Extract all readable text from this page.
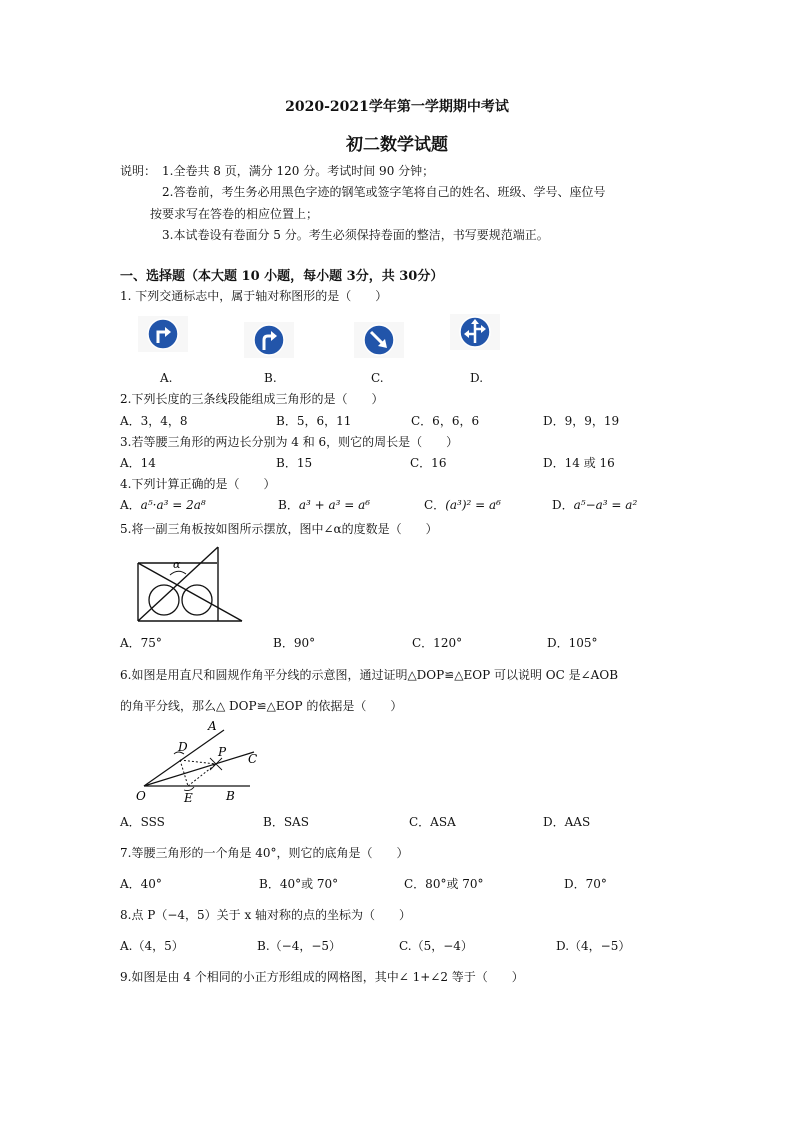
2020-2021学年第一学期期中考试
初二数学试题
说明： 1.全卷共 8 页，满分 120 分。考试时间 90 分钟；
2.答卷前，考生务必用黑色字迹的钢笔或签字笔将自己的姓名、班级、学号、座位号
按要求写在答卷的相应位置上；
3.本试卷设有卷面分 5 分。考生必须保持卷面的整洁，书写要规范端正。
一、选择题（本大题 10 小题，每小题 3分，共 30分）
1. 下列交通标志中，属于轴对称图形的是（　　）
A.	B.	C.	D.
2.下列长度的三条线段能组成三角形的是（　　）
A．3，4，8	B．5，6，11	C．6，6，6	D．9，9，19
3.若等腰三角形的两边长分别为 4 和 6，则它的周长是（　　）
A．14	B．15	C．16	D．14 或 16
4.下列计算正确的是（　　）
A．a⁵·a³ = 2a⁸	B．a³ + a³ = a⁶	C．(a³)² = a⁶	D．a⁵−a³ = a²
5.将一副三角板按如图所示摆放，图中∠α的度数是（　　）
α
A．75°	B．90°	C．120°	D．105°
6.如图是用直尺和圆规作角平分线的示意图，通过证明△DOP≌△EOP 可以说明 OC 是∠AOB
的角平分线，那么△ DOP≌△EOP 的依据是（　　）
A
D	P C
O	E	B
A．SSS	B．SAS	C．ASA	D．AAS
7.等腰三角形的一个角是 40°，则它的底角是（　　）
A．40°	B．40°或 70°	C．80°或 70°	D．70°
8.点 P（−4，5）关于 x 轴对称的点的坐标为（　　）
A.（4，5）	B.（−4，−5）	C.（5，−4）	D.（4，−5）
9.如图是由 4 个相同的小正方形组成的网格图，其中∠ 1+∠2 等于（　　）
